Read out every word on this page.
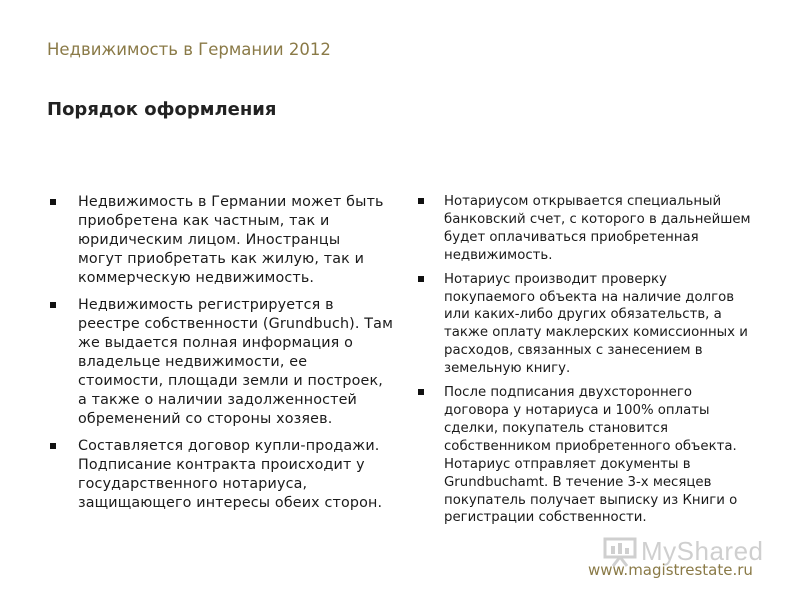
Недвижимость в Германии 2012
Порядок оформления
Недвижимость в Германии может быть
приобретена как частным, так и
юридическим лицом. Иностранцы
могут приобретать как жилую, так и
коммерческую недвижимость.
Недвижимость регистрируется в
реестре собственности (Grundbuch). Там
же выдается полная информация о
владельце недвижимости, ее
стоимости, площади земли и построек,
а также о наличии задолженностей
обременений со стороны хозяев.
Составляется договор купли-продажи.
Подписание контракта происходит у
государственного нотариуса,
защищающего интересы обеих сторон.
Нотариусом открывается специальный
банковский счет, с которого в дальнейшем
будет оплачиваться приобретенная
недвижимость.
Нотариус производит проверку
покупаемого объекта на наличие долгов
или каких-либо других обязательств, а
также оплату маклерских комиссионных и
расходов, связанных с занесением в
земельную книгу.
После подписания двухстороннего
договора у нотариуса и 100% оплаты
сделки, покупатель становится
собственником приобретенного объекта.
Нотариус отправляет документы в
Grundbuchamt. В течение 3-х месяцев
покупатель получает выписку из Книги о
регистрации собственности.
MyShared
www.magistrestate.ru
